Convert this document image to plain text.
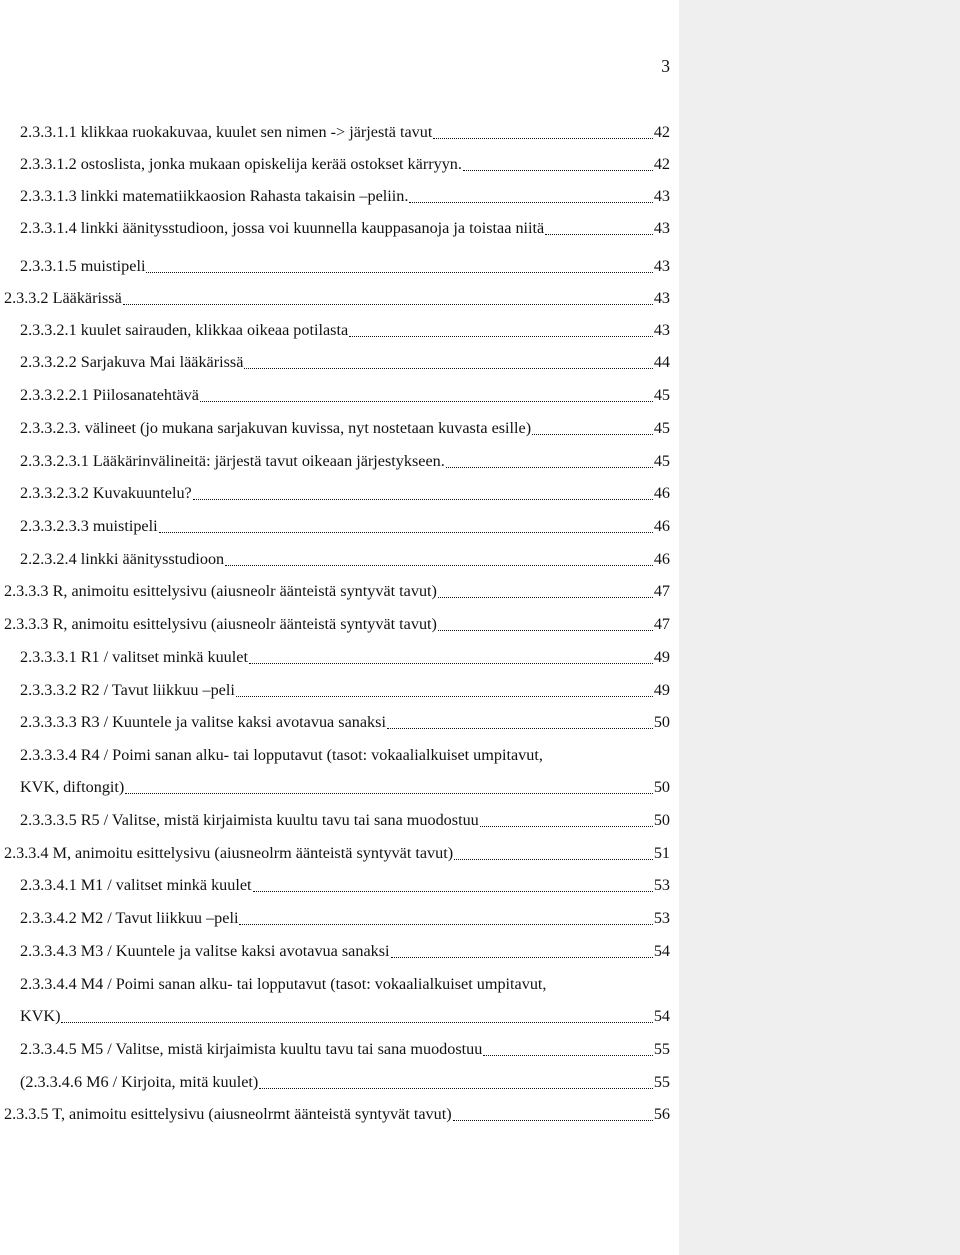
3
2.3.3.1.1 klikkaa ruokakuvaa, kuulet sen nimen -> järjestä tavut	42
2.3.3.1.2 ostoslista, jonka mukaan opiskelija kerää ostokset kärryyn.	42
2.3.3.1.3 linkki matematiikkaosion Rahasta takaisin –peliin.	43
2.3.3.1.4 linkki äänitysstudioon, jossa voi kuunnella kauppasanoja ja toistaa niitä	43
2.3.3.1.5 muistipeli	43
2.3.3.2 Lääkärissä	43
2.3.3.2.1 kuulet sairauden, klikkaa oikeaa potilasta	43
2.3.3.2.2 Sarjakuva Mai lääkärissä	44
2.3.3.2.2.1 Piilosanatehtävä	45
2.3.3.2.3. välineet (jo mukana sarjakuvan kuvissa, nyt nostetaan kuvasta esille)	45
2.3.3.2.3.1 Lääkärinvälineitä: järjestä tavut oikeaan järjestykseen.	45
2.3.3.2.3.2 Kuvakuuntelu?	46
2.3.3.2.3.3 muistipeli	46
2.2.3.2.4 linkki äänitysstudioon	46
2.3.3.3 R, animoitu esittelysivu (aiusneolr äänteistä syntyvät tavut)	47
2.3.3.3 R, animoitu esittelysivu (aiusneolr äänteistä syntyvät tavut)	47
2.3.3.3.1 R1 / valitset minkä kuulet	49
2.3.3.3.2 R2 / Tavut liikkuu –peli	49
2.3.3.3.3 R3 / Kuuntele ja valitse kaksi avotavua sanaksi	50
2.3.3.3.4 R4 / Poimi sanan alku- tai lopputavut (tasot: vokaalialkuiset umpitavut,
KVK, diftongit)	50
2.3.3.3.5 R5 / Valitse, mistä kirjaimista kuultu tavu tai sana muodostuu	50
2.3.3.4 M, animoitu esittelysivu (aiusneolrm äänteistä syntyvät tavut)	51
2.3.3.4.1 M1 / valitset minkä kuulet	53
2.3.3.4.2 M2 / Tavut liikkuu –peli	53
2.3.3.4.3 M3 / Kuuntele ja valitse kaksi avotavua sanaksi	54
2.3.3.4.4 M4 / Poimi sanan alku- tai lopputavut (tasot: vokaalialkuiset umpitavut,
KVK)	54
2.3.3.4.5 M5 / Valitse, mistä kirjaimista kuultu tavu tai sana muodostuu	55
(2.3.3.4.6 M6 / Kirjoita, mitä kuulet)	55
2.3.3.5 T, animoitu esittelysivu (aiusneolrmt äänteistä syntyvät tavut)	56
